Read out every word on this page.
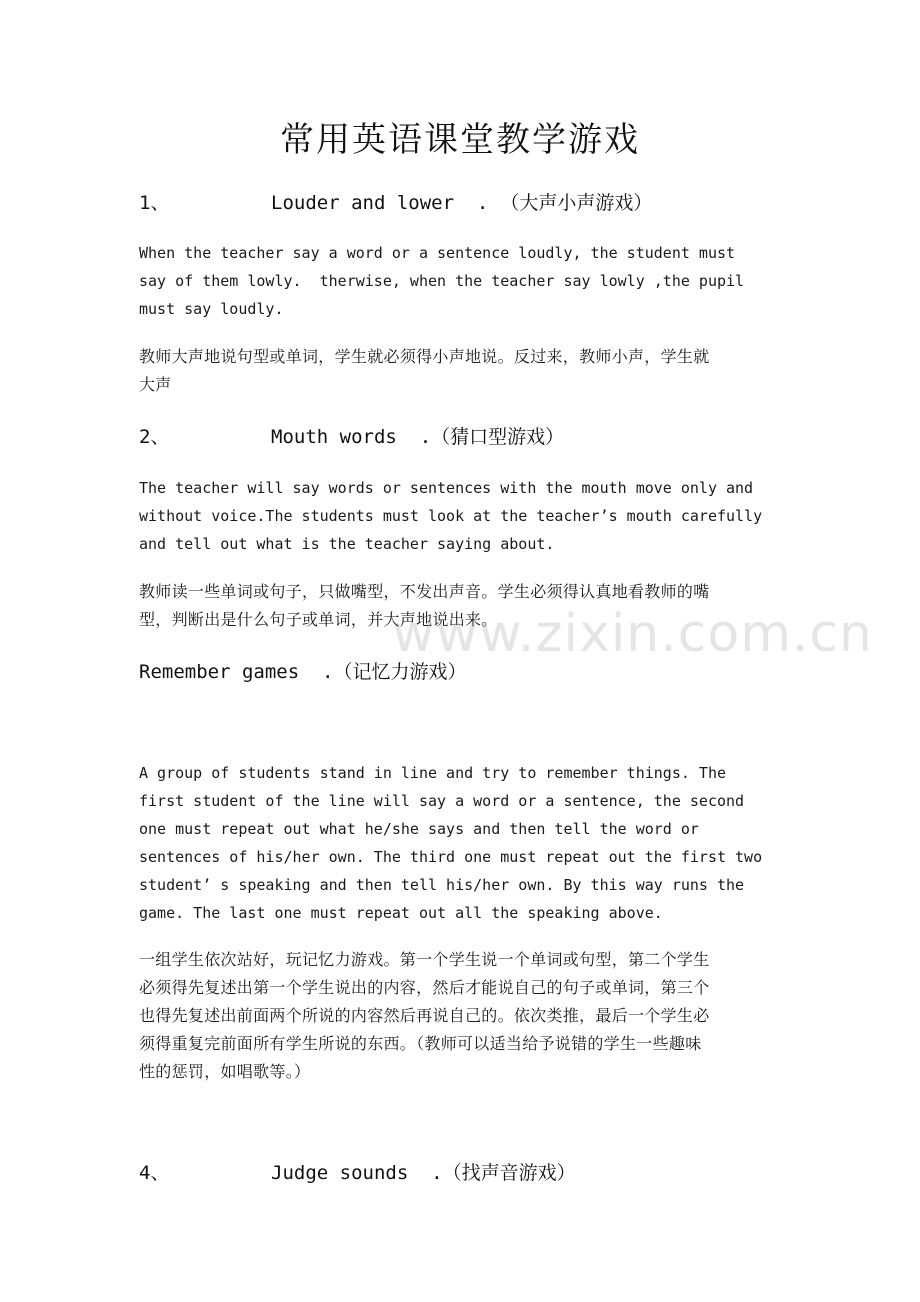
常用英语课堂教学游戏
1、	Louder and lower  .  （大声小声游戏）
When the teacher say a word or a sentence loudly, the student must
say of them lowly.  therwise, when the teacher say lowly ,the pupil
must say loudly.
教师大声地说句型或单词，学生就必须得小声地说。反过来，教师小声，学生就
大声
2、	Mouth words  .（猜口型游戏）
The teacher will say words or sentences with the mouth move only and
without voice.The students must look at the teacher’s mouth carefully
and tell out what is the teacher saying about.
教师读一些单词或句子，只做嘴型，不发出声音。学生必须得认真地看教师的嘴
型，判断出是什么句子或单词，并大声地说出来。
www.zixin.com.cn
Remember games  .（记忆力游戏）
A group of students stand in line and try to remember things. The
first student of the line will say a word or a sentence, the second
one must repeat out what he/she says and then tell the word or
sentences of his/her own. The third one must repeat out the first two
student’ s speaking and then tell his/her own. By this way runs the
game. The last one must repeat out all the speaking above.
一组学生依次站好，玩记忆力游戏。第一个学生说一个单词或句型，第二个学生
必须得先复述出第一个学生说出的内容，然后才能说自己的句子或单词，第三个
也得先复述出前面两个所说的内容然后再说自己的。依次类推，最后一个学生必
须得重复完前面所有学生所说的东西。（教师可以适当给予说错的学生一些趣味
性的惩罚，如唱歌等。）
4、	Judge sounds  .（找声音游戏）
